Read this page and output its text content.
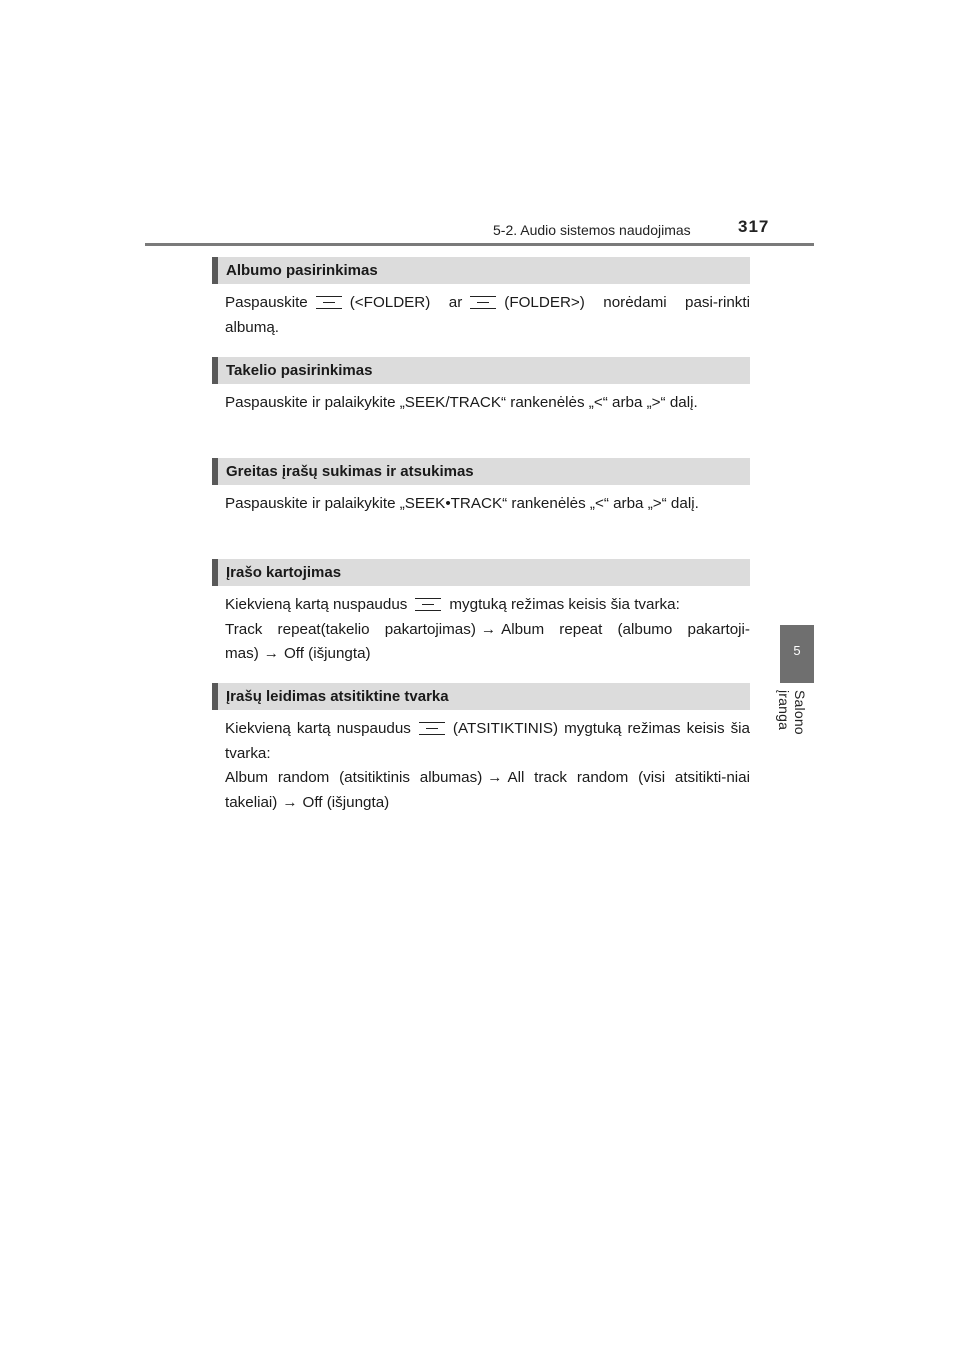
5-2. Audio sistemos naudojimas	317
5
Salono įranga
Albumo pasirinkimas

Paspauskite	(<FOLDER) ar	(FOLDER>) norėdami pasi-rinkti albumą.

Takelio pasirinkimas

Paspauskite ir palaikykite „SEEK/TRACK“ rankenėlės „<“ arba „>“ dalį.

Greitas įrašų sukimas ir atsukimas

Paspauskite ir palaikykite „SEEK•TRACK“ rankenėlės „<“ arba „>“ dalį.

Įrašo kartojimas

Kiekvieną kartą nuspaudus	mygtuką režimas keisis šia tvarka:

Track repeat(takelio pakartojimas) → Album repeat (albumo pakartoji-mas) → Off (išjungta)

Įrašų leidimas atsitiktine tvarka

Kiekvieną kartą nuspaudus	(ATSITIKTINIS) mygtuką režimas keisis šia tvarka:

Album random (atsitiktinis albumas) → All track random (visi atsitikti-niai takeliai) → Off (išjungta)
